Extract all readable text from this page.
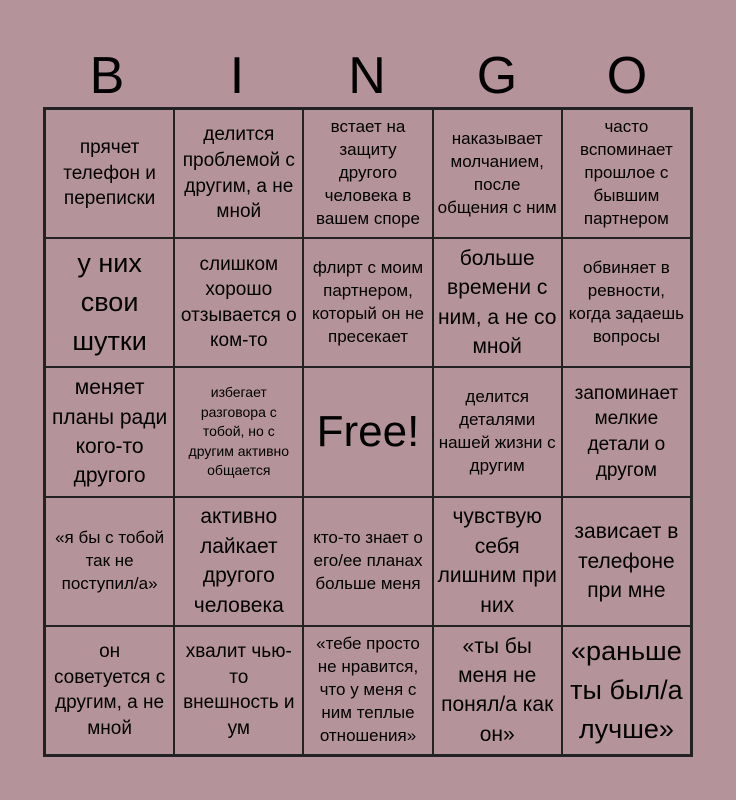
B	I	N	G	O
прячет телефон и переписки
делится проблемой с другим, а не мной
встает на защиту другого человека в вашем споре
наказывает молчанием, после общения с ним
часто вспоминает прошлое с бывшим партнером
у них свои шутки
слишком хорошо отзывается о ком-то
флирт с моим партнером, который он не пресекает
больше времени с ним, а не со мной
обвиняет в ревности, когда задаешь вопросы
меняет планы ради кого-то другого
избегает разговора с тобой, но с другим активно общается
Free!
делится деталями нашей жизни с другим
запоминает мелкие детали о другом
«я бы с тобой так не поступил/а»
активно лайкает другого человека
кто-то знает о его/ее планах больше меня
чувствую себя лишним при них
зависает в телефоне при мне
он советуется с другим, а не мной
хвалит чью-то внешность и ум
«тебе просто не нравится, что у меня с ним теплые отношения»
«ты бы меня не понял/а как он»
«раньше ты был/а лучше»
